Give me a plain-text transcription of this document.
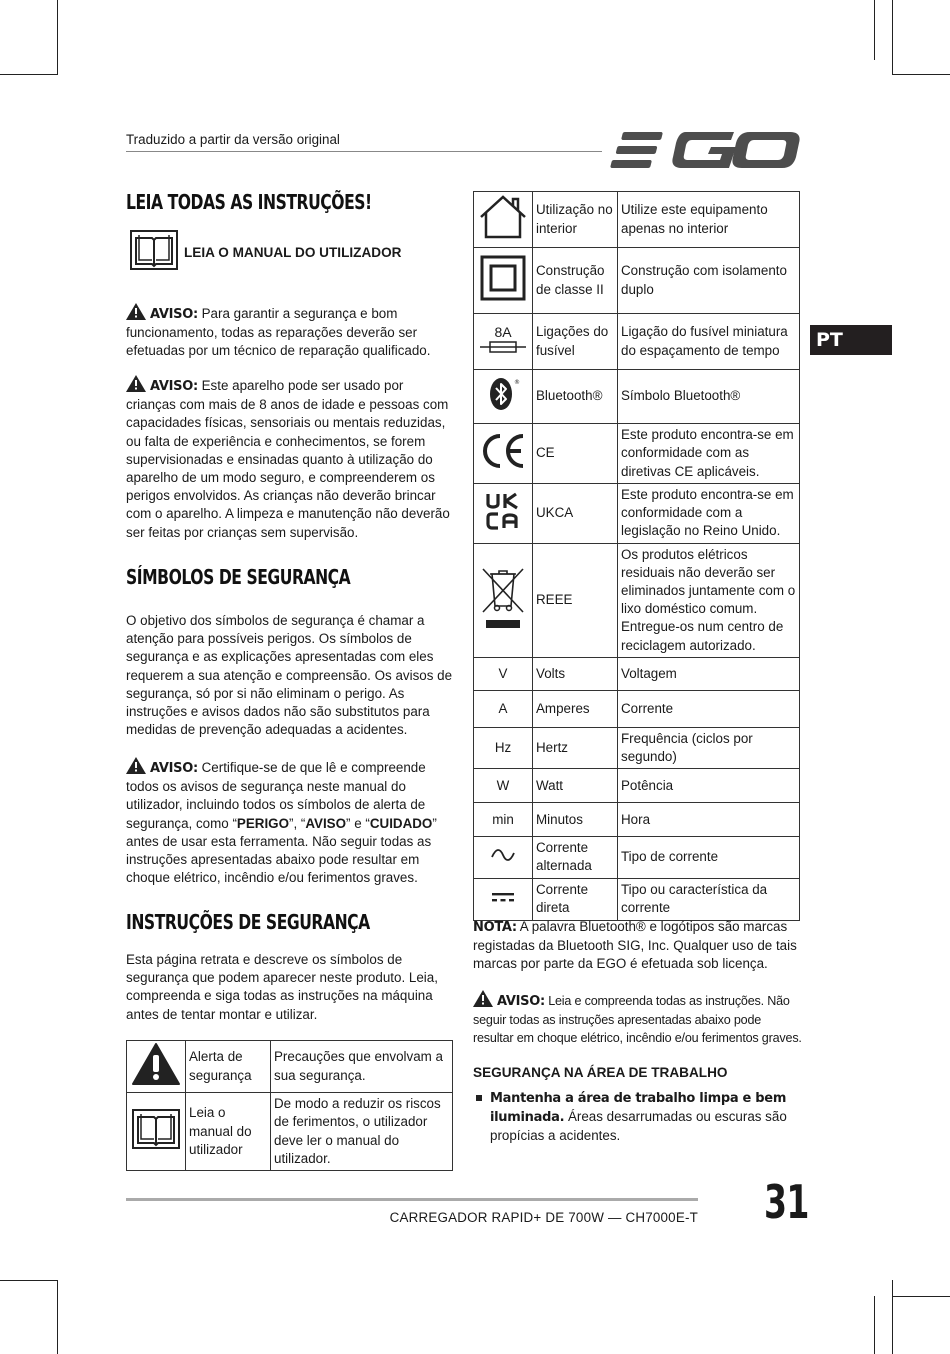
Traduzido a partir da versão original
PT
LEIA TODAS AS INSTRUÇÕES!
LEIA O MANUAL DO UTILIZADOR
AVISO: Para garantir a segurança e bom funcionamento, todas as reparações deverão ser efetuadas por um técnico de reparação qualificado.
AVISO: Este aparelho pode ser usado por crianças com mais de 8 anos de idade e pessoas com capacidades físicas, sensoriais ou mentais reduzidas, ou falta de experiência e conhecimentos, se forem supervisionadas e ensinadas quanto à utilização do aparelho de um modo seguro, e compreenderem os perigos envolvidos. As crianças não deverão brincar com o aparelho. A limpeza e manutenção não deverão ser feitas por crianças sem supervisão.
SÍMBOLOS DE SEGURANÇA
O objetivo dos símbolos de segurança é chamar a atenção para possíveis perigos. Os símbolos de segurança e as explicações apresentadas com eles requerem a sua atenção e compreensão. Os avisos de segurança, só por si não eliminam o perigo. As instruções e avisos dados não são substitutos para medidas de prevenção adequadas a acidentes.
AVISO: Certifique-se de que lê e compreende todos os avisos de segurança neste manual do utilizador, incluindo todos os símbolos de alerta de segurança, como “PERIGO”, “AVISO” e “CUIDADO” antes de usar esta ferramenta. Não seguir todas as instruções apresentadas abaixo pode resultar em choque elétrico, incêndio e/ou ferimentos graves.
INSTRUÇÕES DE SEGURANÇA
Esta página retrata e descreve os símbolos de segurança que podem aparecer neste produto. Leia, compreenda e siga todas as instruções na máquina antes de tentar montar e utilizar.
	Alerta de segurança	Precauções que envolvam a sua segurança.
	Leia o manual do utilizador	De modo a reduzir os riscos de ferimentos, o utilizador deve ler o manual do utilizador.
	Utilização no interior	Utilize este equipamento apenas no interior
	Construção de classe II	Construção com isolamento duplo

8A	Ligações do fusível	Ligação do fusível miniatura do espaçamento de tempo

®	Bluetooth®	Símbolo Bluetooth®
	CE	Este produto encontra-se em conformidade com as diretivas CE aplicáveis.
	UKCA	Este produto encontra-se em conformidade com a legislação no Reino Unido.
	REEE	Os produtos elétricos residuais não deverão ser eliminados juntamente com o lixo doméstico comum. Entregue-os num centro de reciclagem autorizado.
V	Volts	Voltagem
A	Amperes	Corrente
Hz	Hertz	Frequência (ciclos por segundo)
W	Watt	Potência
min	Minutos	Hora
	Corrente alternada	Tipo de corrente
	Corrente direta	Tipo ou característica da corrente
NOTA: A palavra Bluetooth® e logótipos são marcas registadas da Bluetooth SIG, Inc. Qualquer uso de tais marcas por parte da EGO é efetuada sob licença.
AVISO: Leia e compreenda todas as instruções. Não seguir todas as instruções apresentadas abaixo pode resultar em choque elétrico, incêndio e/ou ferimentos graves.
SEGURANÇA NA ÁREA DE TRABALHO
Mantenha a área de trabalho limpa e bem iluminada. Áreas desarrumadas ou escuras são propícias a acidentes.
CARREGADOR RAPID+ DE 700W — CH7000E-T 31
